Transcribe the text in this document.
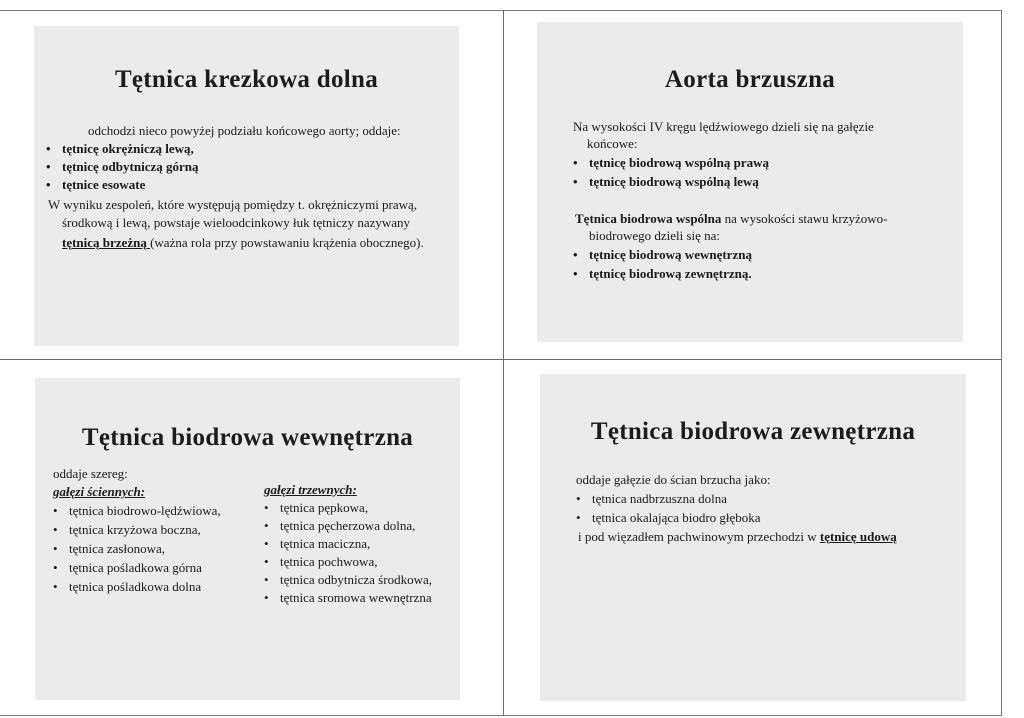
Tętnica krezkowa dolna
odchodzi nieco powyżej podziału końcowego aorty; oddaje:
• tętnicę okrężniczą lewą,
• tętnicę odbytniczą górną
• tętnice esowate
W wyniku zespoleń, które występują pomiędzy t. okrężniczymi prawą,
środkową i lewą, powstaje wieloodcinkowy łuk tętniczy nazywany
tętnicą brzeżną (ważna rola przy powstawaniu krążenia obocznego).
Aorta brzuszna
Na wysokości IV kręgu lędźwiowego dzieli się na gałęzie
końcowe:
• tętnicę biodrową wspólną prawą
• tętnicę biodrową wspólną lewą
Tętnica biodrowa wspólna na wysokości stawu krzyżowo-
biodrowego dzieli się na:
• tętnicę biodrową wewnętrzną
• tętnicę biodrową zewnętrzną.
Tętnica biodrowa wewnętrzna
oddaje szereg:
gałęzi ściennych:
• tętnica biodrowo-lędźwiowa,
• tętnica krzyżowa boczna,
• tętnica zasłonowa,
• tętnica pośladkowa górna
• tętnica pośladkowa dolna
gałęzi trzewnych:
• tętnica pępkowa,
• tętnica pęcherzowa dolna,
• tętnica maciczna,
• tętnica pochwowa,
• tętnica odbytnicza środkowa,
• tętnica sromowa wewnętrzna
Tętnica biodrowa zewnętrzna
oddaje gałęzie do ścian brzucha jako:
• tętnica nadbrzuszna dolna
• tętnica okalająca biodro głęboka
i pod więzadłem pachwinowym przechodzi w tętnicę udową
